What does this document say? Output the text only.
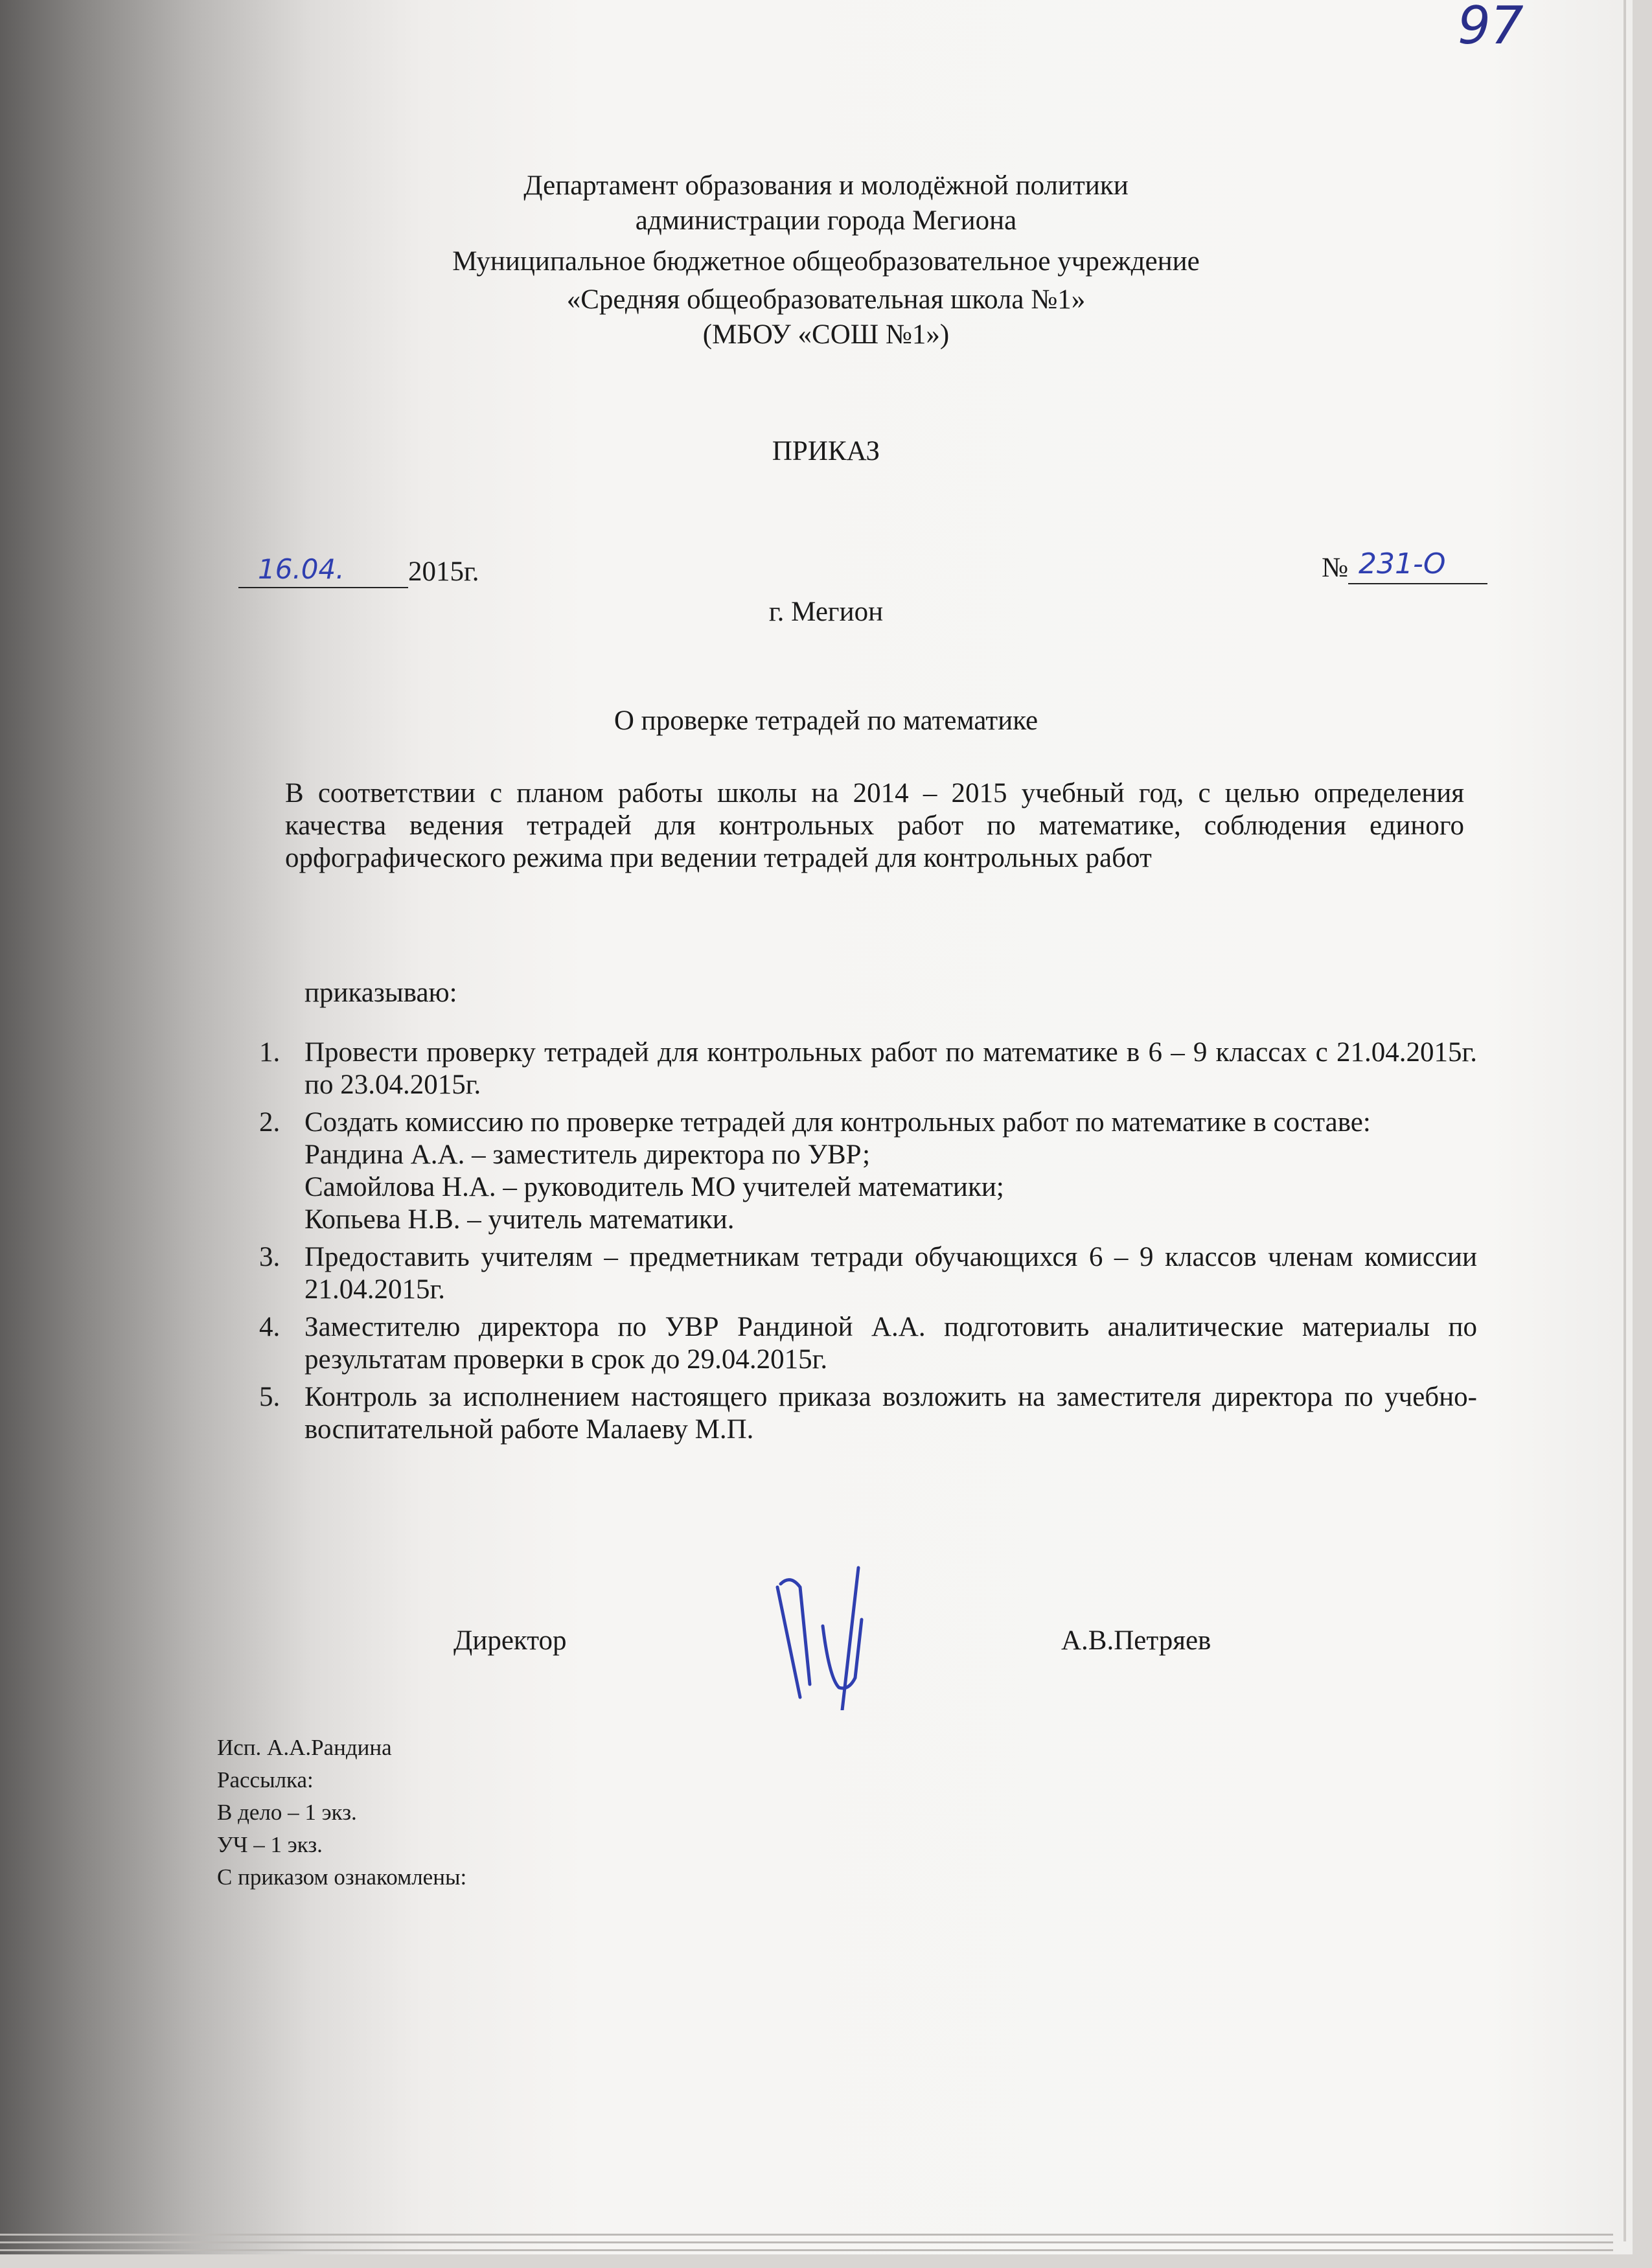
97
Департамент образования и молодёжной политики
администрации города Мегиона
Муниципальное бюджетное общеобразовательное учреждение
«Средняя общеобразовательная школа №1»
(МБОУ «СОШ №1»)
ПРИКАЗ
16.04. 2015г.	№ 231-О
г. Мегион
О проверке тетрадей по математике
В соответствии с планом работы школы на 2014 – 2015 учебный год, с целью определения качества ведения тетрадей для контрольных работ по математике, соблюдения единого орфографического режима при ведении тетрадей для контрольных работ
приказываю:
1. Провести проверку тетрадей для контрольных работ по математике в 6 – 9 классах с 21.04.2015г. по 23.04.2015г.
2. Создать комиссию по проверке тетрадей для контрольных работ по математике в составе:
Рандина А.А. – заместитель директора по УВР;
Самойлова Н.А. – руководитель МО учителей математики;
Копьева Н.В. – учитель математики.
3. Предоставить учителям – предметникам тетради обучающихся 6 – 9 классов членам комиссии 21.04.2015г.
4. Заместителю директора по УВР Рандиной А.А. подготовить аналитические материалы по результатам проверки в срок до 29.04.2015г.
5. Контроль за исполнением настоящего приказа возложить на заместителя директора по учебно-воспитательной работе Малаеву М.П.
Директор	А.В.Петряев
Исп. А.А.Рандина
Рассылка:
В дело – 1 экз.
УЧ – 1 экз.
С приказом ознакомлены:
